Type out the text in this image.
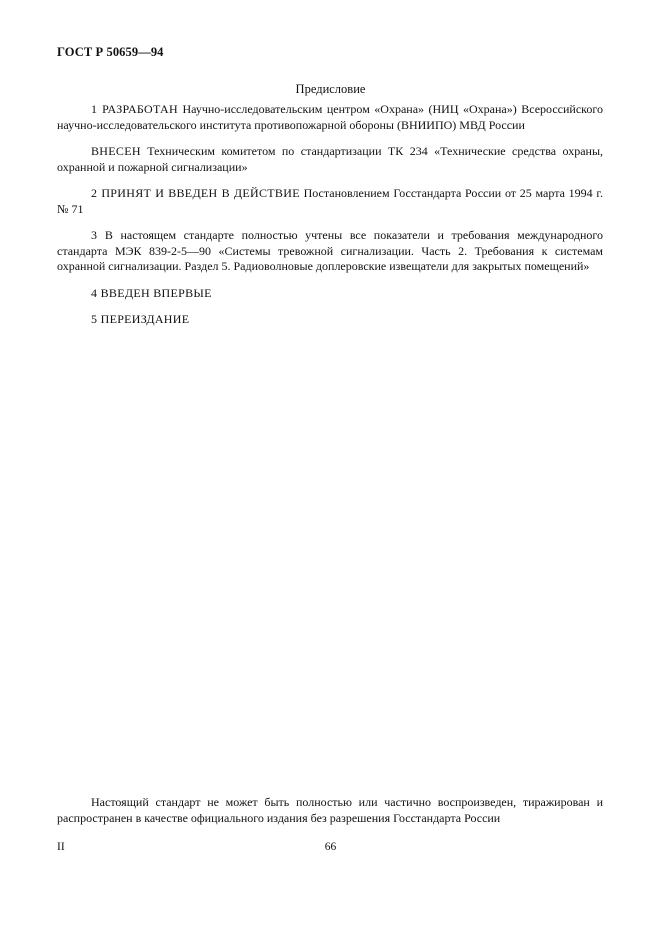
ГОСТ Р 50659—94
Предисловие

1 РАЗРАБОТАН Научно-исследовательским центром «Охрана» (НИЦ «Охрана») Всероссийского научно-исследовательского института противопожарной обороны (ВНИИПО) МВД России

ВНЕСЕН Техническим комитетом по стандартизации ТК 234 «Технические средства охраны, охранной и пожарной сигнализации»

2 ПРИНЯТ И ВВЕДЕН В ДЕЙСТВИЕ Постановлением Госстандарта России от 25 марта 1994 г. № 71

3 В настоящем стандарте полностью учтены все показатели и требования международного стандарта МЭК 839-2-5—90 «Системы тревожной сигнализации. Часть 2. Требования к системам охранной сигнализации. Раздел 5. Радиоволновые доплеровские извещатели для закрытых помещений»

4 ВВЕДЕН ВПЕРВЫЕ

5 ПЕРЕИЗДАНИЕ

Настоящий стандарт не может быть полностью или частично воспроизведен, тиражирован и распространен в качестве официального издания без разрешения Госстандарта России

II	66
